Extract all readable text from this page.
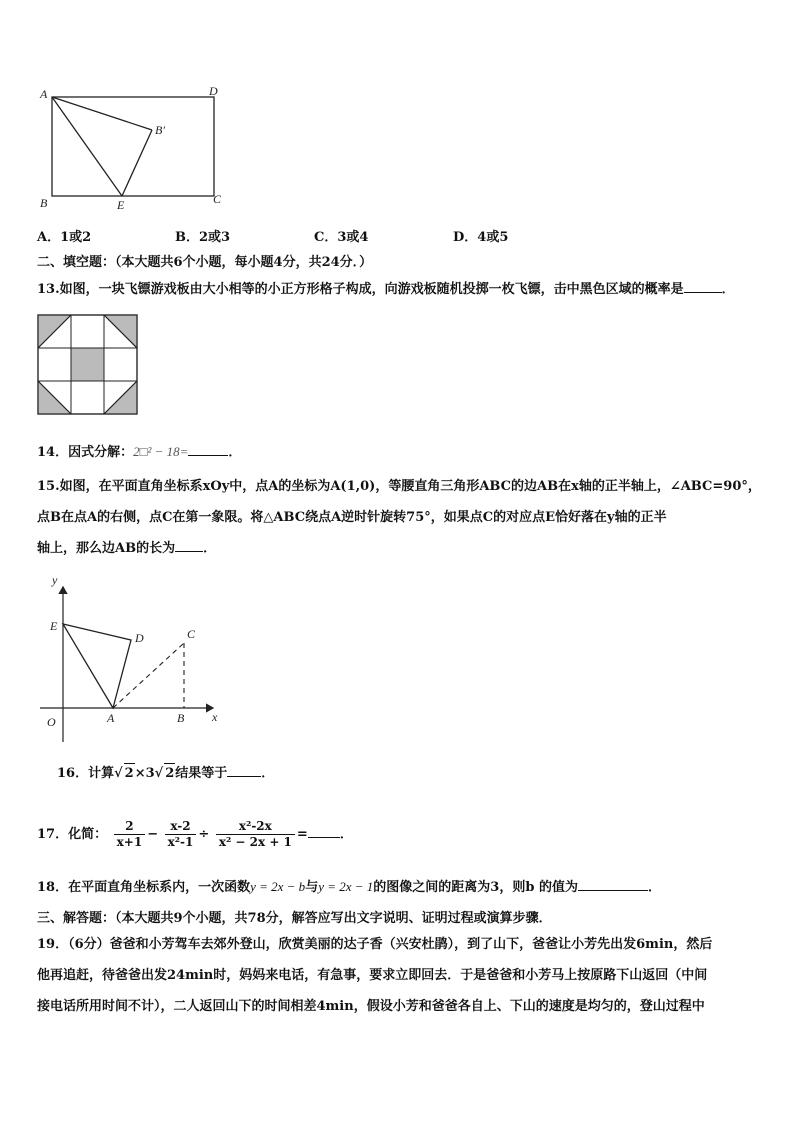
A	D
B′
B	E	C
A．1或2	B．2或3	C．3或4	D．4或5
二、填空题：（本大题共6个小题，每小题4分，共24分．）
13.如图，一块飞镖游戏板由大小相等的小正方形格子构成，向游戏板随机投掷一枚飞镖，击中黑色区域的概率是	．
14．因式分解：2□² − 18=	．
15.如图，在平面直角坐标系xOy中，点A的坐标为A(1,0)，等腰直角三角形ABC的边AB在x轴的正半轴上，∠ABC=90°，
点B在点A的右侧，点C在第一象限。将△ABC绕点A逆时针旋转75°，如果点C的对应点E恰好落在y轴的正半
轴上，那么边AB的长为 ．
y
x
O	A	B
C
D
E
16．计算√ 2×3√ 2结果等于	．
17．化简： $\frac{2}{x+1} - \frac{x-2}{\text{x²-1}} \div \frac{\text{x²-2x}}{\text{x² − 2x + 1}}$ = ．
18．在平面直角坐标系内，一次函数y = 2x − b与y = 2x − 1的图像之间的距离为3，则b 的值为	．
三、解答题：（本大题共9个小题，共78分，解答应写出文字说明、证明过程或演算步骤．
19．（6分）爸爸和小芳驾车去郊外登山，欣赏美丽的达子香（兴安杜鹃），到了山下，爸爸让小芳先出发6min，然后
他再追赶，待爸爸出发24min时，妈妈来电话，有急事，要求立即回去．于是爸爸和小芳马上按原路下山返回（中间
接电话所用时间不计），二人返回山下的时间相差4min，假设小芳和爸爸各自上、下山的速度是均匀的，登山过程中
